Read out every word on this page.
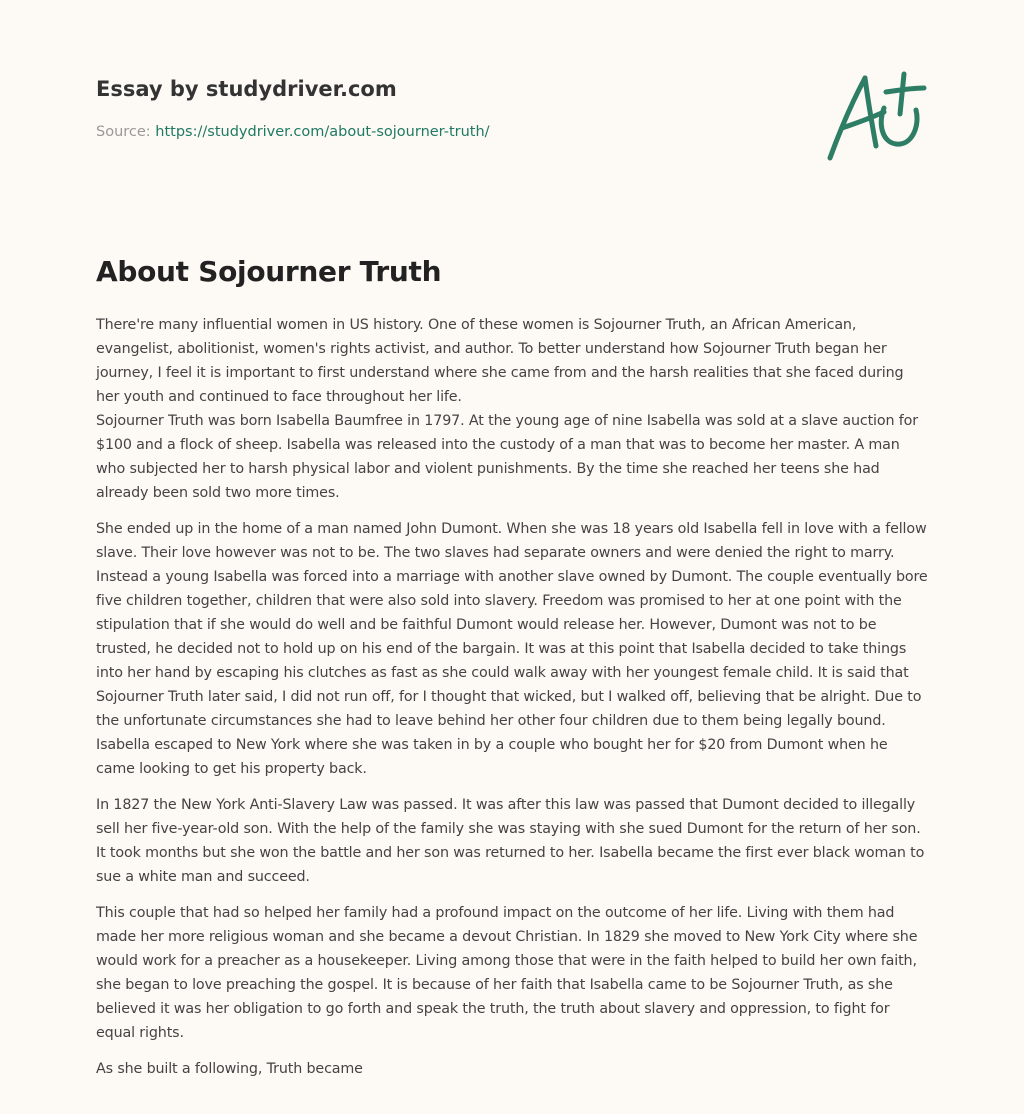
Essay by studydriver.com
Source: https://studydriver.com/about-sojourner-truth/
About Sojourner Truth

There're many influential women in US history. One of these women is Sojourner Truth, an African American, evangelist, abolitionist, women's rights activist, and author. To better understand how Sojourner Truth began her journey, I feel it is important to first understand where she came from and the harsh realities that she faced during her youth and continued to face throughout her life.

Sojourner Truth was born Isabella Baumfree in 1797. At the young age of nine Isabella was sold at a slave auction for $100 and a flock of sheep. Isabella was released into the custody of a man that was to become her master. A man who subjected her to harsh physical labor and violent punishments. By the time she reached her teens she had already been sold two more times.

She ended up in the home of a man named John Dumont. When she was 18 years old Isabella fell in love with a fellow slave. Their love however was not to be. The two slaves had separate owners and were denied the right to marry. Instead a young Isabella was forced into a marriage with another slave owned by Dumont. The couple eventually bore five children together, children that were also sold into slavery. Freedom was promised to her at one point with the stipulation that if she would do well and be faithful Dumont would release her. However, Dumont was not to be trusted, he decided not to hold up on his end of the bargain. It was at this point that Isabella decided to take things into her hand by escaping his clutches as fast as she could walk away with her youngest female child. It is said that Sojourner Truth later said, I did not run off, for I thought that wicked, but I walked off, believing that be alright. Due to the unfortunate circumstances she had to leave behind her other four children due to them being legally bound. Isabella escaped to New York where she was taken in by a couple who bought her for $20 from Dumont when he came looking to get his property back.

In 1827 the New York Anti-Slavery Law was passed. It was after this law was passed that Dumont decided to illegally sell her five-year-old son. With the help of the family she was staying with she sued Dumont for the return of her son. It took months but she won the battle and her son was returned to her. Isabella became the first ever black woman to sue a white man and succeed.

This couple that had so helped her family had a profound impact on the outcome of her life. Living with them had made her more religious woman and she became a devout Christian. In 1829 she moved to New York City where she would work for a preacher as a housekeeper. Living among those that were in the faith helped to build her own faith, she began to love preaching the gospel. It is because of her faith that Isabella came to be Sojourner Truth, as she believed it was her obligation to go forth and speak the truth, the truth about slavery and oppression, to fight for equal rights.

As she built a following, Truth became
